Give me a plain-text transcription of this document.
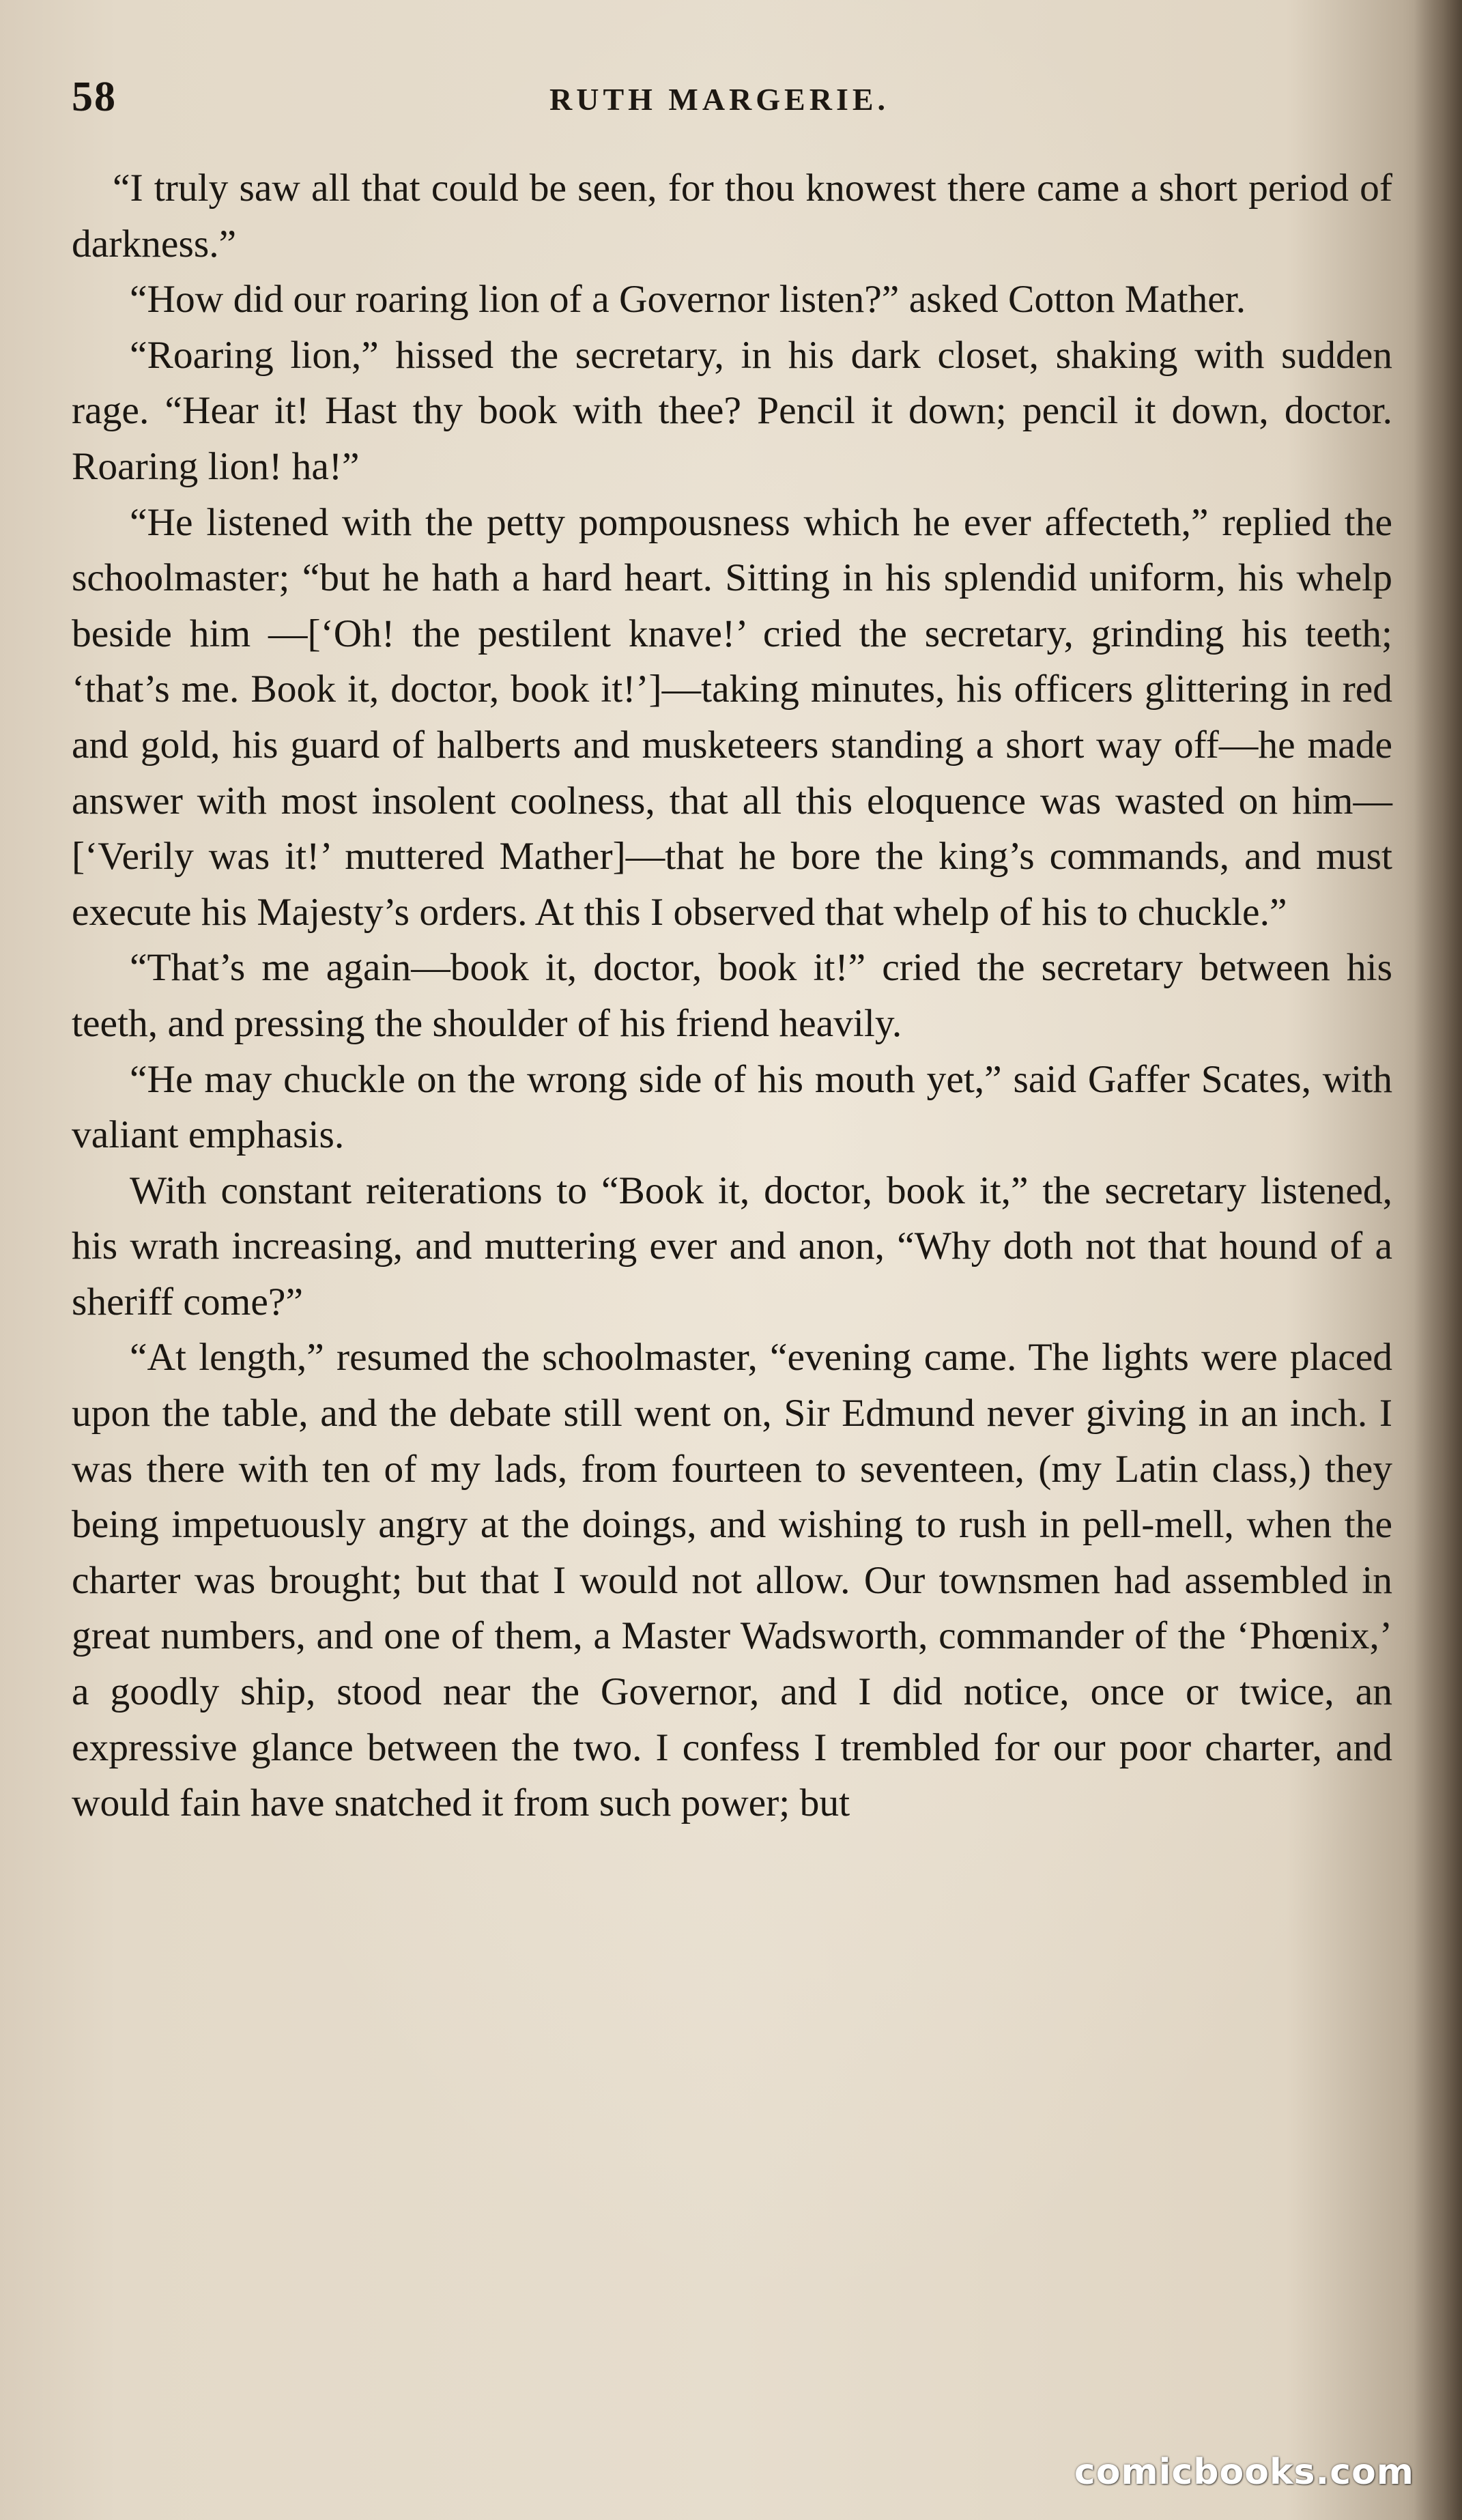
58	RUTH MARGERIE.

“I truly saw all that could be seen, for thou knowest there came a short period of darkness.”

“How did our roaring lion of a Governor listen?” asked Cotton Mather.

“Roaring lion,” hissed the secretary, in his dark closet, shaking with sudden rage. “Hear it! Hast thy book with thee? Pencil it down; pencil it down, doctor. Roaring lion! ha!”

“He listened with the petty pompousness which he ever affecteth,” replied the schoolmaster; “but he hath a hard heart. Sitting in his splendid uniform, his whelp beside him —[‘Oh! the pestilent knave!’ cried the secretary, grinding his teeth; ‘that’s me. Book it, doctor, book it!’]—taking minutes, his officers glittering in red and gold, his guard of halberts and musketeers standing a short way off—he made answer with most insolent coolness, that all this eloquence was wasted on him—[‘Verily was it!’ muttered Mather]—that he bore the king’s commands, and must execute his Majesty’s orders. At this I observed that whelp of his to chuckle.”

“That’s me again—book it, doctor, book it!” cried the secretary between his teeth, and pressing the shoulder of his friend heavily.

“He may chuckle on the wrong side of his mouth yet,” said Gaffer Scates, with valiant emphasis.

With constant reiterations to “Book it, doctor, book it,” the secretary listened, his wrath increasing, and muttering ever and anon, “Why doth not that hound of a sheriff come?”

“At length,” resumed the schoolmaster, “evening came. The lights were placed upon the table, and the debate still went on, Sir Edmund never giving in an inch. I was there with ten of my lads, from fourteen to seventeen, (my Latin class,) they being impetuously angry at the doings, and wishing to rush in pell-mell, when the charter was brought; but that I would not allow. Our townsmen had assembled in great numbers, and one of them, a Master Wadsworth, commander of the ‘Phœnix,’ a goodly ship, stood near the Governor, and I did notice, once or twice, an expressive glance between the two. I confess I trembled for our poor charter, and would fain have snatched it from such power; but

comicbooks.com
